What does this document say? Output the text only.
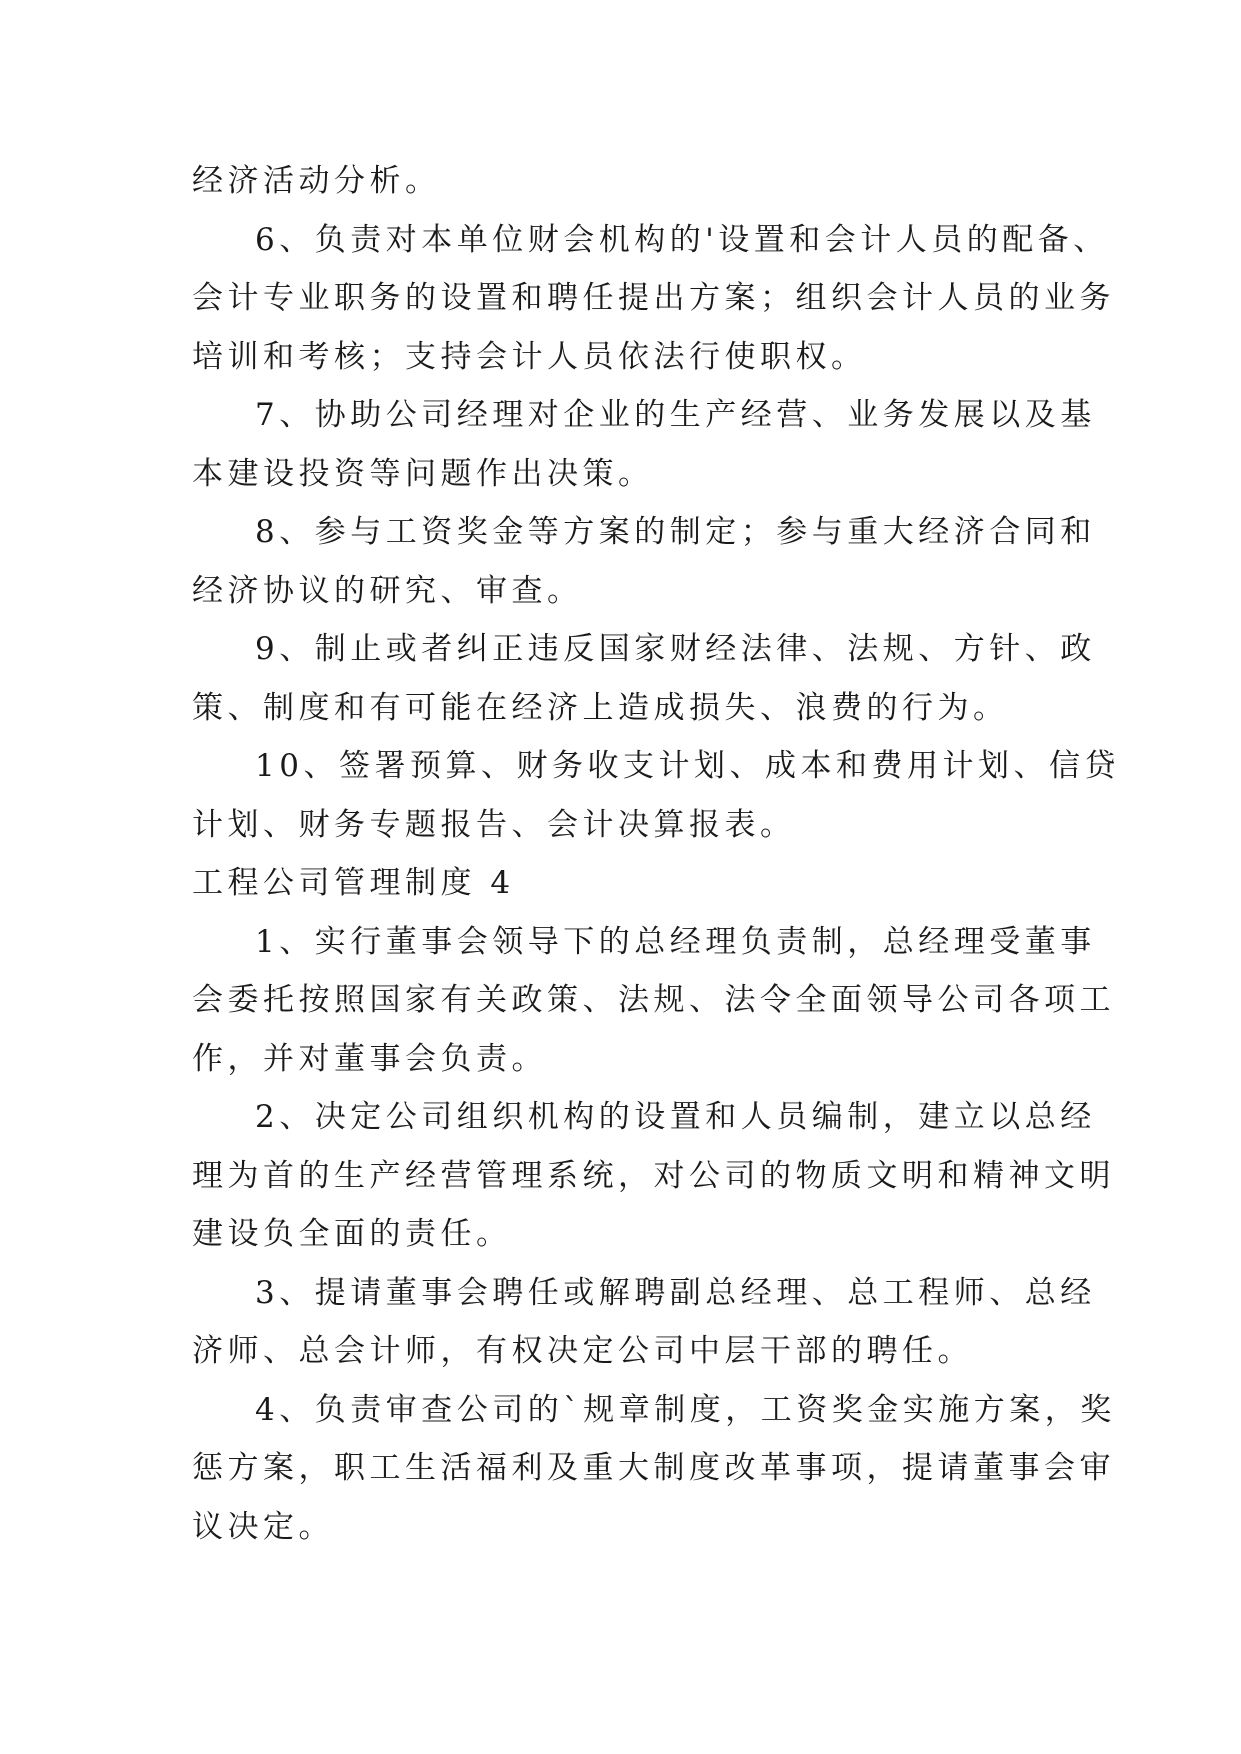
经济活动分析。
6、负责对本单位财会机构的'设置和会计人员的配备、
会计专业职务的设置和聘任提出方案；组织会计人员的业务
培训和考核；支持会计人员依法行使职权。
7、协助公司经理对企业的生产经营、业务发展以及基
本建设投资等问题作出决策。
8、参与工资奖金等方案的制定；参与重大经济合同和
经济协议的研究、审查。
9、制止或者纠正违反国家财经法律、法规、方针、政
策、制度和有可能在经济上造成损失、浪费的行为。
10、签署预算、财务收支计划、成本和费用计划、信贷
计划、财务专题报告、会计决算报表。
工程公司管理制度 4
1、实行董事会领导下的总经理负责制，总经理受董事
会委托按照国家有关政策、法规、法令全面领导公司各项工
作，并对董事会负责。
2、决定公司组织机构的设置和人员编制，建立以总经
理为首的生产经营管理系统，对公司的物质文明和精神文明
建设负全面的责任。
3、提请董事会聘任或解聘副总经理、总工程师、总经
济师、总会计师，有权决定公司中层干部的聘任。
4、负责审查公司的`规章制度，工资奖金实施方案，奖
惩方案，职工生活福利及重大制度改革事项，提请董事会审
议决定。
